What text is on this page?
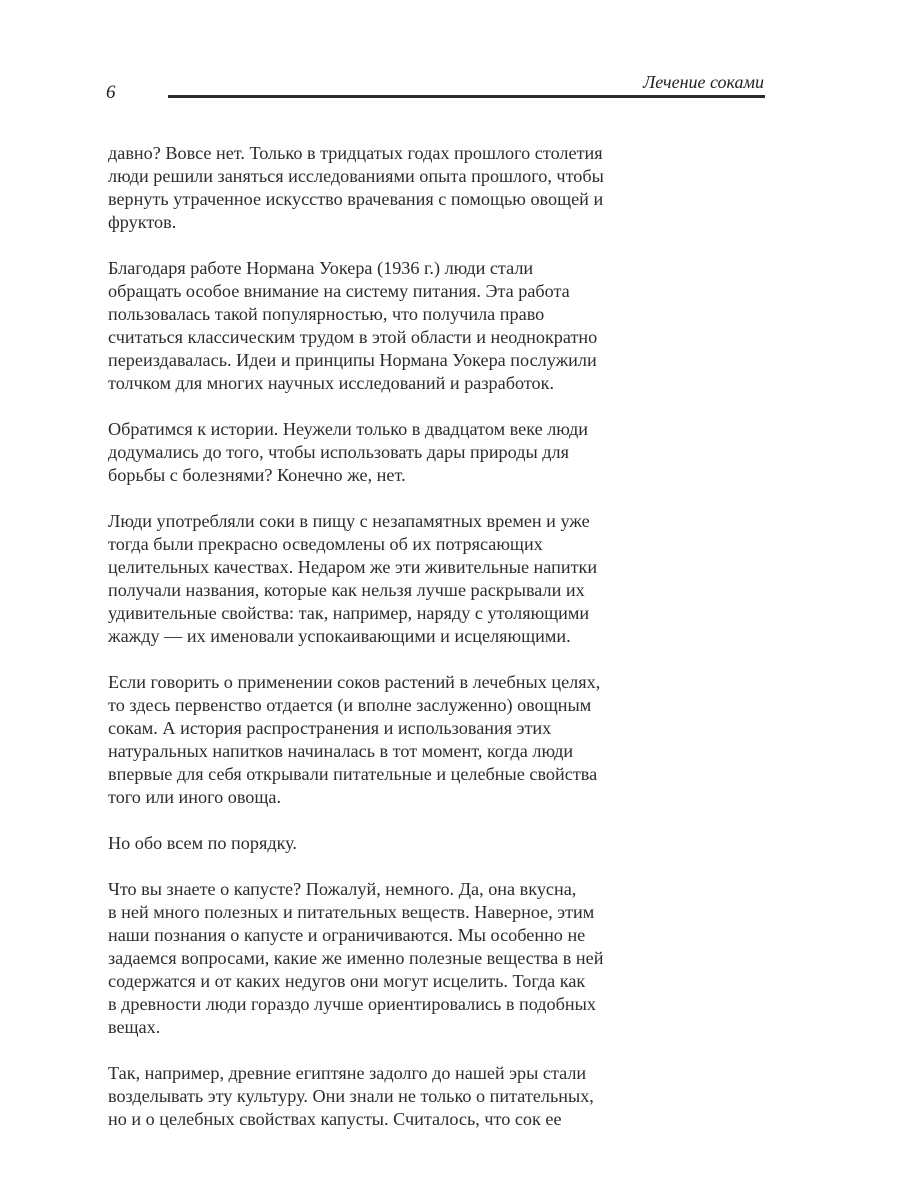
6	Лечение соками

давно? Вовсе нет. Только в тридцатых годах прошлого столетия
люди решили заняться исследованиями опыта прошлого, чтобы
вернуть утраченное искусство врачевания с помощью овощей и
фруктов.

Благодаря работе Нормана Уокера (1936 г.) люди стали
обращать особое внимание на систему питания. Эта работа
пользовалась такой популярностью, что получила право
считаться классическим трудом в этой области и неоднократно
переиздавалась. Идеи и принципы Нормана Уокера послужили
толчком для многих научных исследований и разработок.

Обратимся к истории. Неужели только в двадцатом веке люди
додумались до того, чтобы использовать дары природы для
борьбы с болезнями? Конечно же, нет.

Люди употребляли соки в пищу с незапамятных времен и уже
тогда были прекрасно осведомлены об их потрясающих
целительных качествах. Недаром же эти живительные напитки
получали названия, которые как нельзя лучше раскрывали их
удивительные свойства: так, например, наряду с утоляющими
жажду — их именовали успокаивающими и исцеляющими.

Если говорить о применении соков растений в лечебных целях,
то здесь первенство отдается (и вполне заслуженно) овощным
сокам. А история распространения и использования этих
натуральных напитков начиналась в тот момент, когда люди
впервые для себя открывали питательные и целебные свойства
того или иного овоща.

Но обо всем по порядку.

Что вы знаете о капусте? Пожалуй, немного. Да, она вкусна,
в ней много полезных и питательных веществ. Наверное, этим
наши познания о капусте и ограничиваются. Мы особенно не
задаемся вопросами, какие же именно полезные вещества в ней
содержатся и от каких недугов они могут исцелить. Тогда как
в древности люди гораздо лучше ориентировались в подобных
вещах.

Так, например, древние египтяне задолго до нашей эры стали
возделывать эту культуру. Они знали не только о питательных,
но и о целебных свойствах капусты. Считалось, что сок ее
